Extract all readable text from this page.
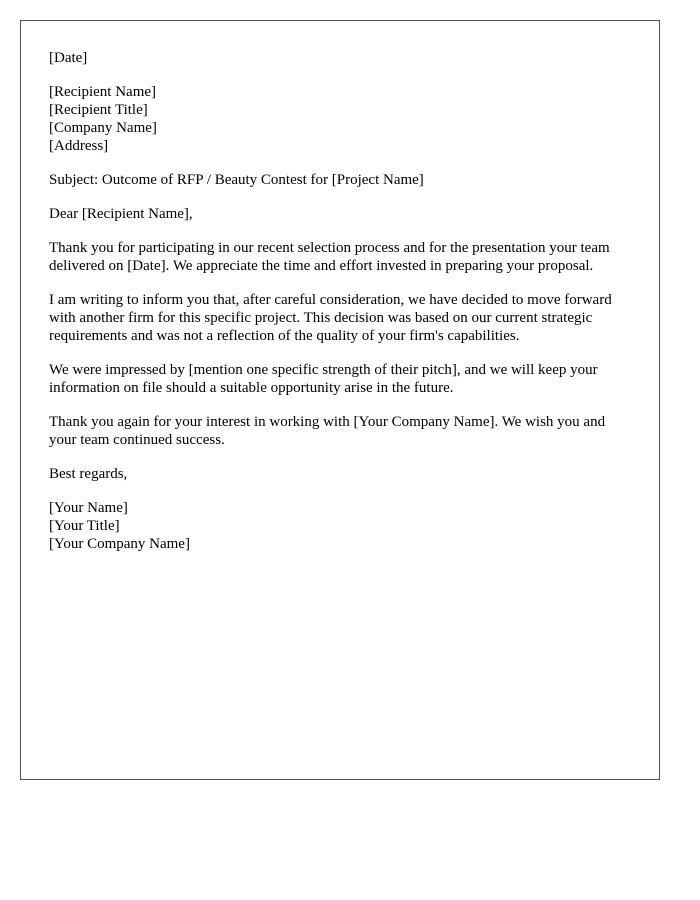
[Date]
[Recipient Name]
[Recipient Title]
[Company Name]
[Address]

Subject: Outcome of RFP / Beauty Contest for [Project Name]

Dear [Recipient Name],

Thank you for participating in our recent selection process and for the presentation your team delivered on [Date]. We appreciate the time and effort invested in preparing your proposal.

I am writing to inform you that, after careful consideration, we have decided to move forward with another firm for this specific project. This decision was based on our current strategic requirements and was not a reflection of the quality of your firm's capabilities.

We were impressed by [mention one specific strength of their pitch], and we will keep your information on file should a suitable opportunity arise in the future.

Thank you again for your interest in working with [Your Company Name]. We wish you and your team continued success.

Best regards,

[Your Name]
[Your Title]
[Your Company Name]
